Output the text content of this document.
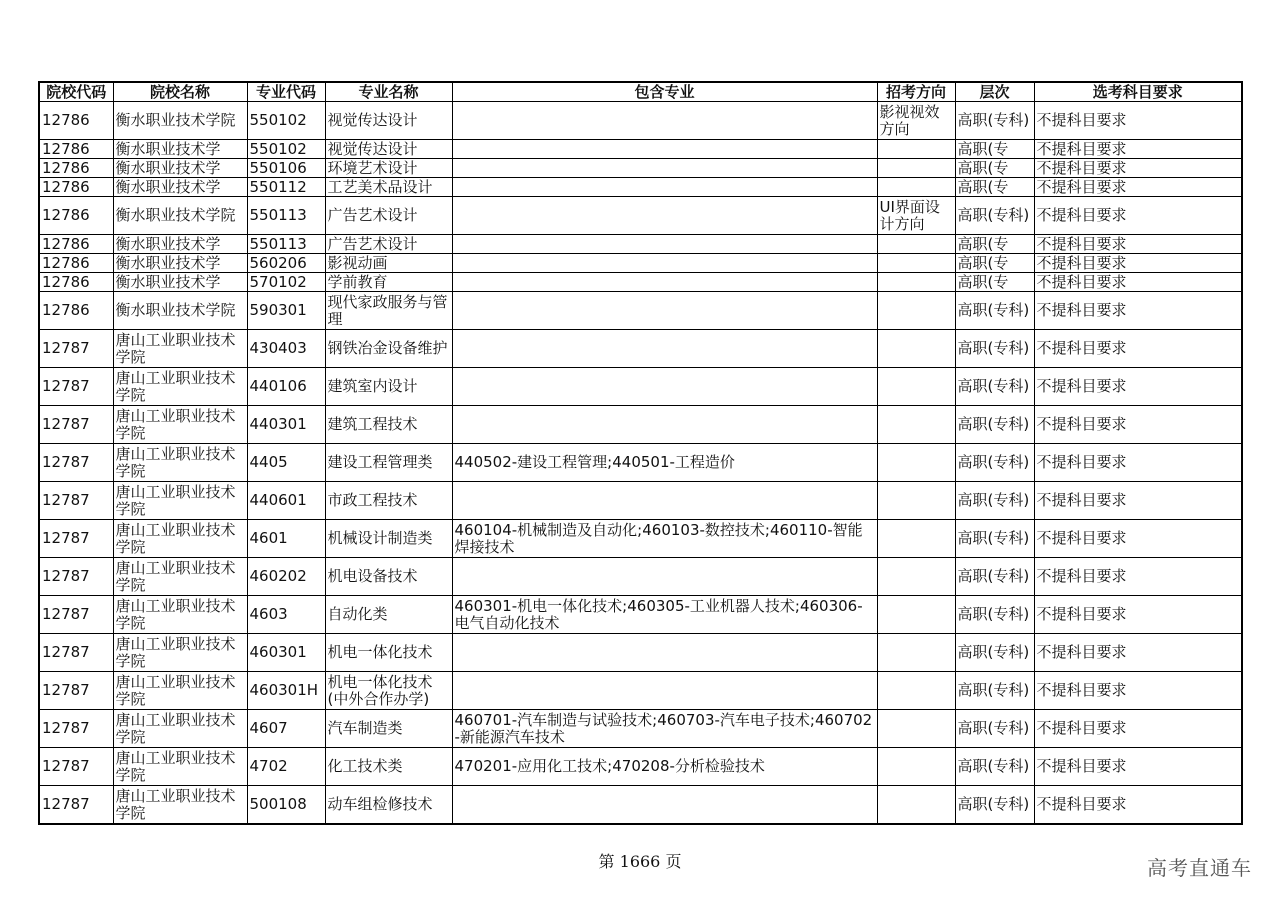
院校代码	院校名称	专业代码	专业名称	包含专业	招考方向	层次	选考科目要求
12786	衡水职业技术学院	550102	视觉传达设计		影视视效方向	高职(专科)	不提科目要求

12786	衡水职业技术学	550102	视觉传达设计			高职(专	不提科目要求

12786	衡水职业技术学	550106	环境艺术设计			高职(专	不提科目要求

12786	衡水职业技术学	550112	工艺美术品设计			高职(专	不提科目要求

12786	衡水职业技术学院	550113	广告艺术设计		UI界面设计方向	高职(专科)	不提科目要求

12786	衡水职业技术学	550113	广告艺术设计			高职(专	不提科目要求

12786	衡水职业技术学	560206	影视动画			高职(专	不提科目要求

12786	衡水职业技术学	570102	学前教育			高职(专	不提科目要求

12786	衡水职业技术学院	590301	现代家政服务与管理			高职(专科)	不提科目要求
12787	唐山工业职业技术学院	430403	钢铁冶金设备维护			高职(专科)	不提科目要求
12787	唐山工业职业技术学院	440106	建筑室内设计			高职(专科)	不提科目要求
12787	唐山工业职业技术学院	440301	建筑工程技术			高职(专科)	不提科目要求
12787	唐山工业职业技术学院	4405	建设工程管理类	440502-建设工程管理;440501-工程造价		高职(专科)	不提科目要求
12787	唐山工业职业技术学院	440601	市政工程技术			高职(专科)	不提科目要求
12787	唐山工业职业技术学院	4601	机械设计制造类	460104-机械制造及自动化;460103-数控技术;460110-智能焊接技术		高职(专科)	不提科目要求
12787	唐山工业职业技术学院	460202	机电设备技术			高职(专科)	不提科目要求
12787	唐山工业职业技术学院	4603	自动化类	460301-机电一体化技术;460305-工业机器人技术;460306-电气自动化技术		高职(专科)	不提科目要求
12787	唐山工业职业技术学院	460301	机电一体化技术			高职(专科)	不提科目要求
12787	唐山工业职业技术学院	460301H	机电一体化技术(中外合作办学)			高职(专科)	不提科目要求
12787	唐山工业职业技术学院	4607	汽车制造类	460701-汽车制造与试验技术;460703-汽车电子技术;460702-新能源汽车技术		高职(专科)	不提科目要求
12787	唐山工业职业技术学院	4702	化工技术类	470201-应用化工技术;470208-分析检验技术		高职(专科)	不提科目要求
12787	唐山工业职业技术学院	500108	动车组检修技术			高职(专科)	不提科目要求
第 1666 页	高考直通车
